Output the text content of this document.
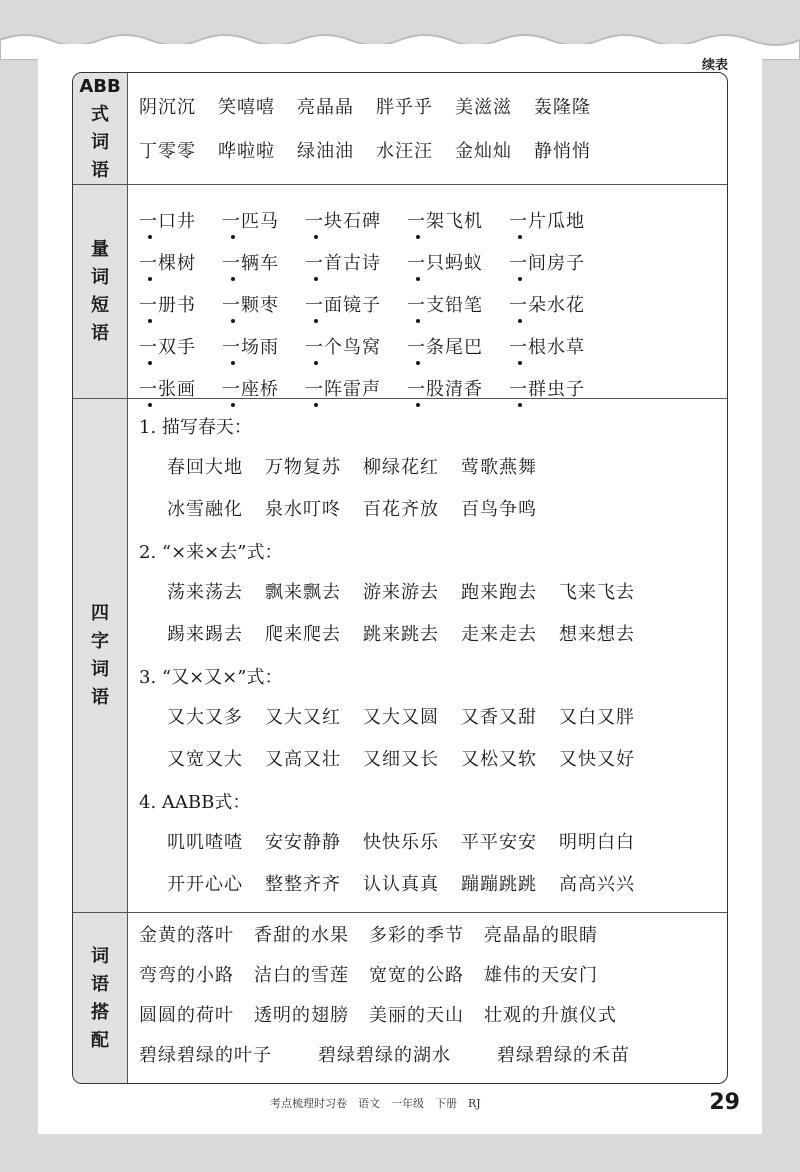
续表
ABB
式
词
语
阴沉沉 笑嘻嘻 亮晶晶 胖乎乎 美滋滋 轰隆隆
丁零零 哗啦啦 绿油油 水汪汪 金灿灿 静悄悄
量
词
短
语
一口井 一匹马 一块石碑 一架飞机 一片瓜地
一棵树 一辆车 一首古诗 一只蚂蚁 一间房子
一册书 一颗枣 一面镜子 一支铅笔 一朵水花
一双手 一场雨 一个鸟窝 一条尾巴 一根水草
一张画 一座桥 一阵雷声 一股清香 一群虫子
四
字
词
语
1. 描写春天：
春回大地 万物复苏 柳绿花红 莺歌燕舞
冰雪融化 泉水叮咚 百花齐放 百鸟争鸣
2. “×来×去”式：
荡来荡去 飘来飘去 游来游去 跑来跑去 飞来飞去
踢来踢去 爬来爬去 跳来跳去 走来走去 想来想去
3. “又×又×”式：
又大又多 又大又红 又大又圆 又香又甜 又白又胖
又宽又大 又高又壮 又细又长 又松又软 又快又好
4. AABB式：
叽叽喳喳 安安静静 快快乐乐 平平安安 明明白白
开开心心 整整齐齐 认认真真 蹦蹦跳跳 高高兴兴
词
语
搭
配
金黄的落叶 香甜的水果 多彩的季节 亮晶晶的眼睛
弯弯的小路 洁白的雪莲 宽宽的公路 雄伟的天安门
圆圆的荷叶 透明的翅膀 美丽的天山 壮观的升旗仪式
碧绿碧绿的叶子	碧绿碧绿的湖水	碧绿碧绿的禾苗
考点梳理时习卷　语文　一年级　下册　RJ	29
